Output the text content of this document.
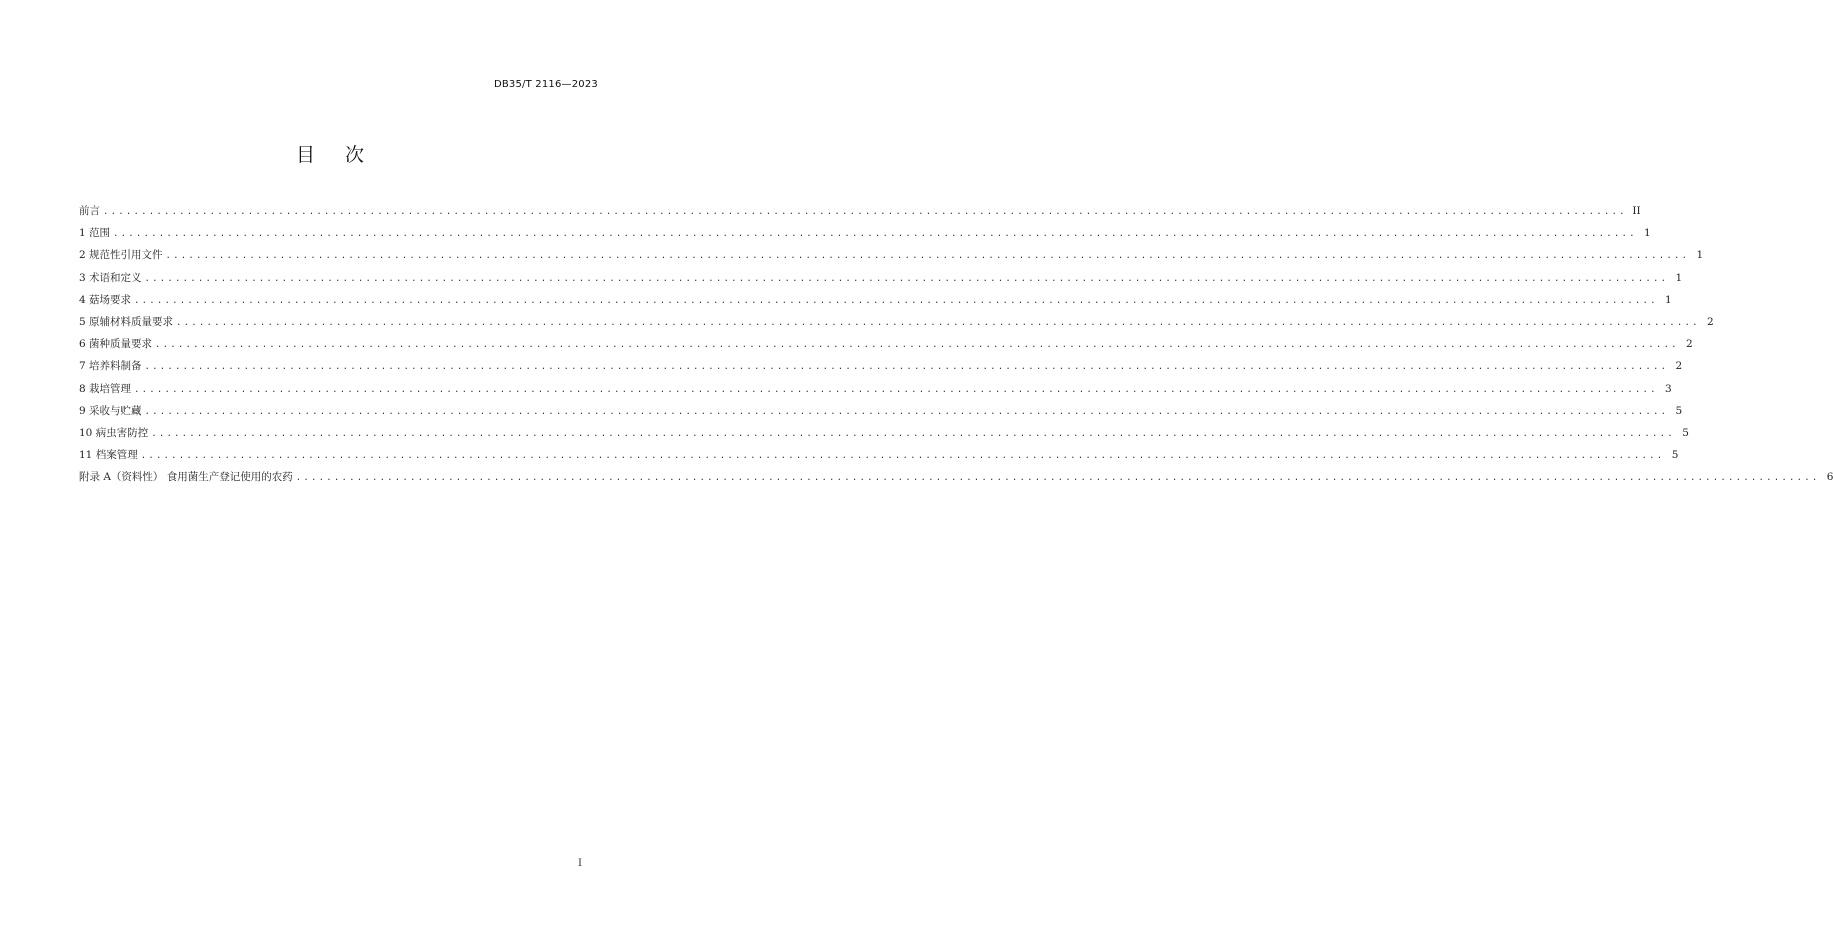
DB35/T 2116—2023
目 次
前言 ........................................................................................................................................................................................................ II
1 范围 ........................................................................................................................................................................................................ 1
2 规范性引用文件 ........................................................................................................................................................................................................ 1
3 术语和定义 ........................................................................................................................................................................................................ 1
4 菇场要求 ........................................................................................................................................................................................................ 1
5 原辅材料质量要求 ........................................................................................................................................................................................................ 2
6 菌种质量要求 ........................................................................................................................................................................................................ 2
7 培养料制备 ........................................................................................................................................................................................................ 2
8 栽培管理 ........................................................................................................................................................................................................ 3
9 采收与贮藏 ........................................................................................................................................................................................................ 5
10 病虫害防控 ........................................................................................................................................................................................................ 5
11 档案管理 ........................................................................................................................................................................................................ 5
附录 A（资料性） 食用菌生产登记使用的农药 ........................................................................................................................................................................................................ 6
I
